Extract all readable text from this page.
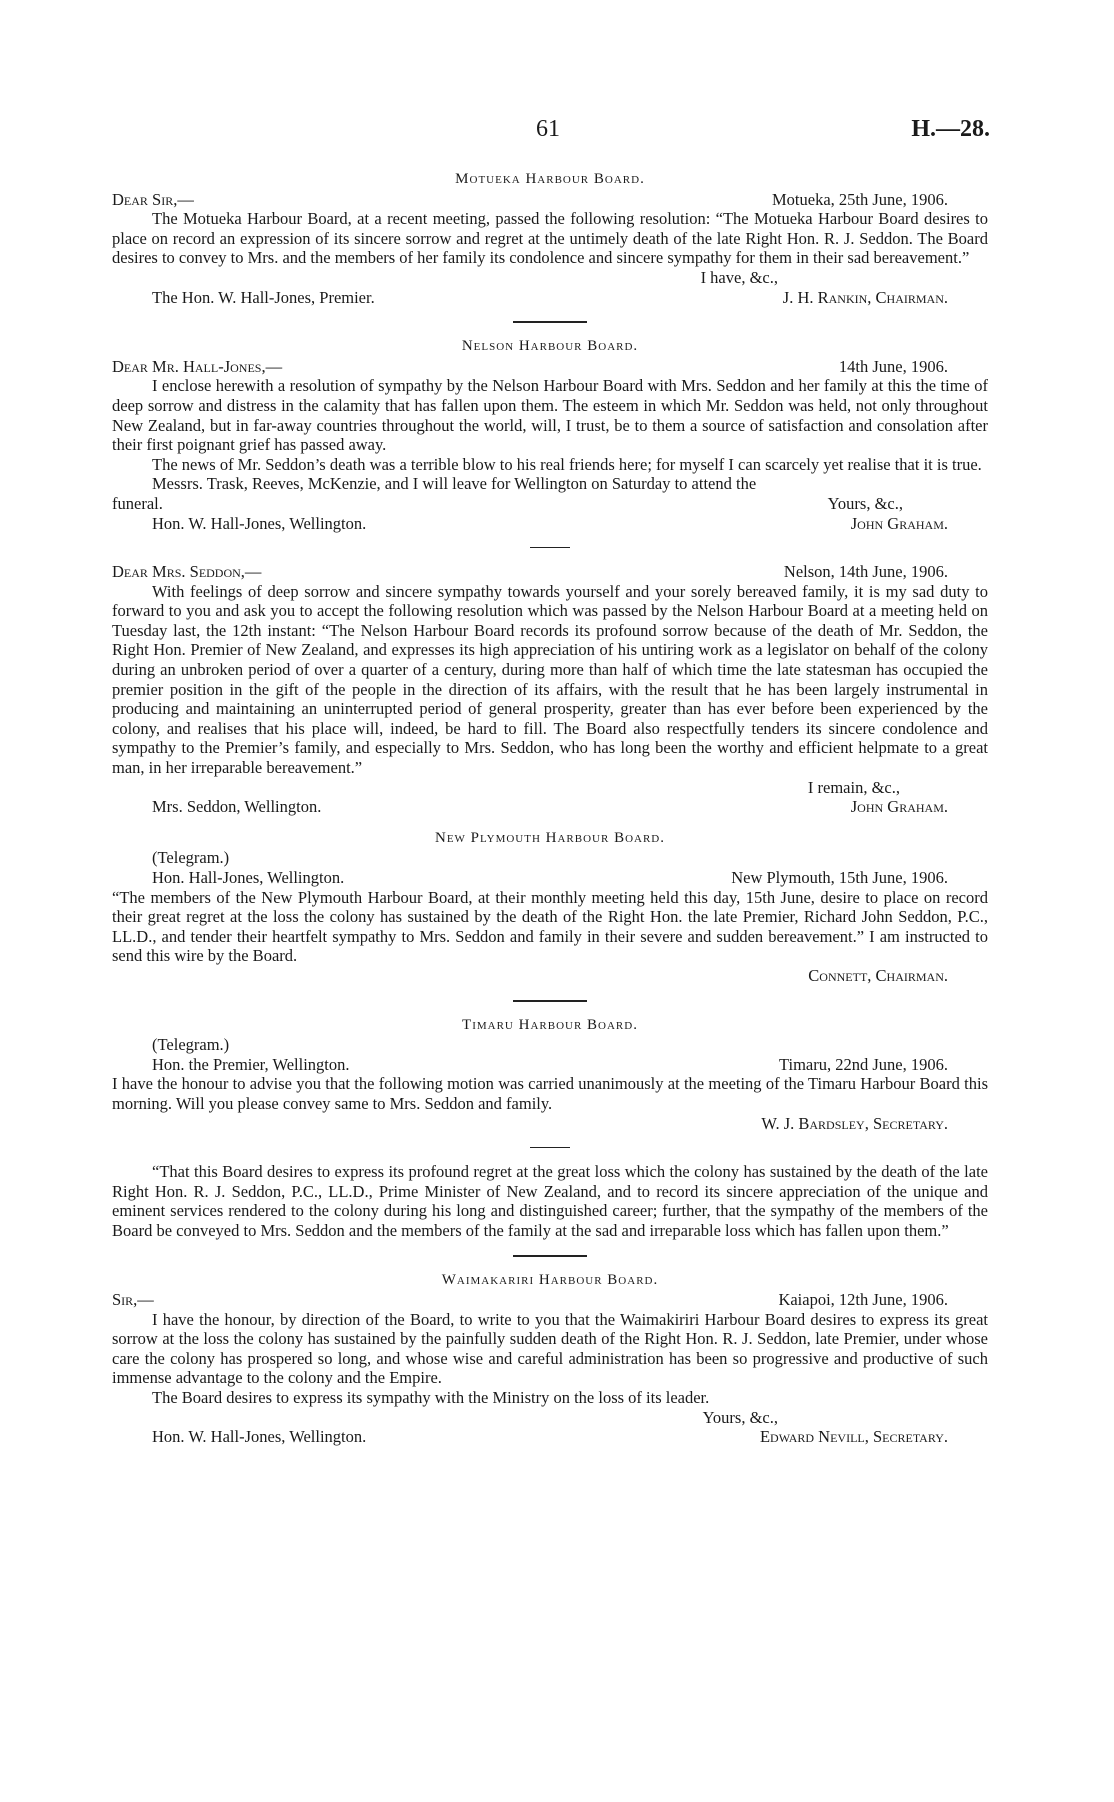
61	H.—28.
Motueka Harbour Board.
Dear Sir,—	Motueka, 25th June, 1906.

The Motueka Harbour Board, at a recent meeting, passed the following resolution: “The Motueka Harbour Board desires to place on record an expression of its sincere sorrow and regret at the untimely death of the late Right Hon. R. J. Seddon. The Board desires to convey to Mrs. and the members of her family its condolence and sincere sympathy for them in their sad bereavement.”

I have, &c.,
The Hon. W. Hall-Jones, Premier.	J. H. Rankin, Chairman.
Nelson Harbour Board.
Dear Mr. Hall-Jones,—	14th June, 1906.

I enclose herewith a resolution of sympathy by the Nelson Harbour Board with Mrs. Seddon and her family at this the time of deep sorrow and distress in the calamity that has fallen upon them. The esteem in which Mr. Seddon was held, not only throughout New Zealand, but in far-away countries throughout the world, will, I trust, be to them a source of satisfaction and consolation after their first poignant grief has passed away.

The news of Mr. Seddon’s death was a terrible blow to his real friends here; for myself I can scarcely yet realise that it is true.

Messrs. Trask, Reeves, McKenzie, and I will leave for Wellington on Saturday to attend the

funeral.	Yours, &c.,
Hon. W. Hall-Jones, Wellington.	John Graham.
Dear Mrs. Seddon,—	Nelson, 14th June, 1906.

With feelings of deep sorrow and sincere sympathy towards yourself and your sorely bereaved family, it is my sad duty to forward to you and ask you to accept the following resolution which was passed by the Nelson Harbour Board at a meeting held on Tuesday last, the 12th instant: “The Nelson Harbour Board records its profound sorrow because of the death of Mr. Seddon, the Right Hon. Premier of New Zealand, and expresses its high appreciation of his untiring work as a legislator on behalf of the colony during an unbroken period of over a quarter of a century, during more than half of which time the late statesman has occupied the premier position in the gift of the people in the direction of its affairs, with the result that he has been largely instrumental in producing and maintaining an uninterrupted period of general prosperity, greater than has ever before been experienced by the colony, and realises that his place will, indeed, be hard to fill. The Board also respectfully tenders its sincere condolence and sympathy to the Premier’s family, and especially to Mrs. Seddon, who has long been the worthy and efficient helpmate to a great man, in her irreparable bereavement.”

I remain, &c.,
Mrs. Seddon, Wellington.	John Graham.
New Plymouth Harbour Board.
(Telegram.)
Hon. Hall-Jones, Wellington.	New Plymouth, 15th June, 1906.

“The members of the New Plymouth Harbour Board, at their monthly meeting held this day, 15th June, desire to place on record their great regret at the loss the colony has sustained by the death of the Right Hon. the late Premier, Richard John Seddon, P.C., LL.D., and tender their heartfelt sympathy to Mrs. Seddon and family in their severe and sudden bereavement.” I am instructed to send this wire by the Board.

Connett, Chairman.
Timaru Harbour Board.
(Telegram.)
Hon. the Premier, Wellington.	Timaru, 22nd June, 1906.

I have the honour to advise you that the following motion was carried unanimously at the meeting of the Timaru Harbour Board this morning. Will you please convey same to Mrs. Seddon and family.

W. J. Bardsley, Secretary.

“That this Board desires to express its profound regret at the great loss which the colony has sustained by the death of the late Right Hon. R. J. Seddon, P.C., LL.D., Prime Minister of New Zealand, and to record its sincere appreciation of the unique and eminent services rendered to the colony during his long and distinguished career; further, that the sympathy of the members of the Board be conveyed to Mrs. Seddon and the members of the family at the sad and irreparable loss which has fallen upon them.”

Waimakariri Harbour Board.
Sir,—	Kaiapoi, 12th June, 1906.

I have the honour, by direction of the Board, to write to you that the Waimakiriri Harbour Board desires to express its great sorrow at the loss the colony has sustained by the painfully sudden death of the Right Hon. R. J. Seddon, late Premier, under whose care the colony has prospered so long, and whose wise and careful administration has been so progressive and productive of such immense advantage to the colony and the Empire.

The Board desires to express its sympathy with the Ministry on the loss of its leader.

Yours, &c.,
Hon. W. Hall-Jones, Wellington.	Edward Nevill, Secretary.
